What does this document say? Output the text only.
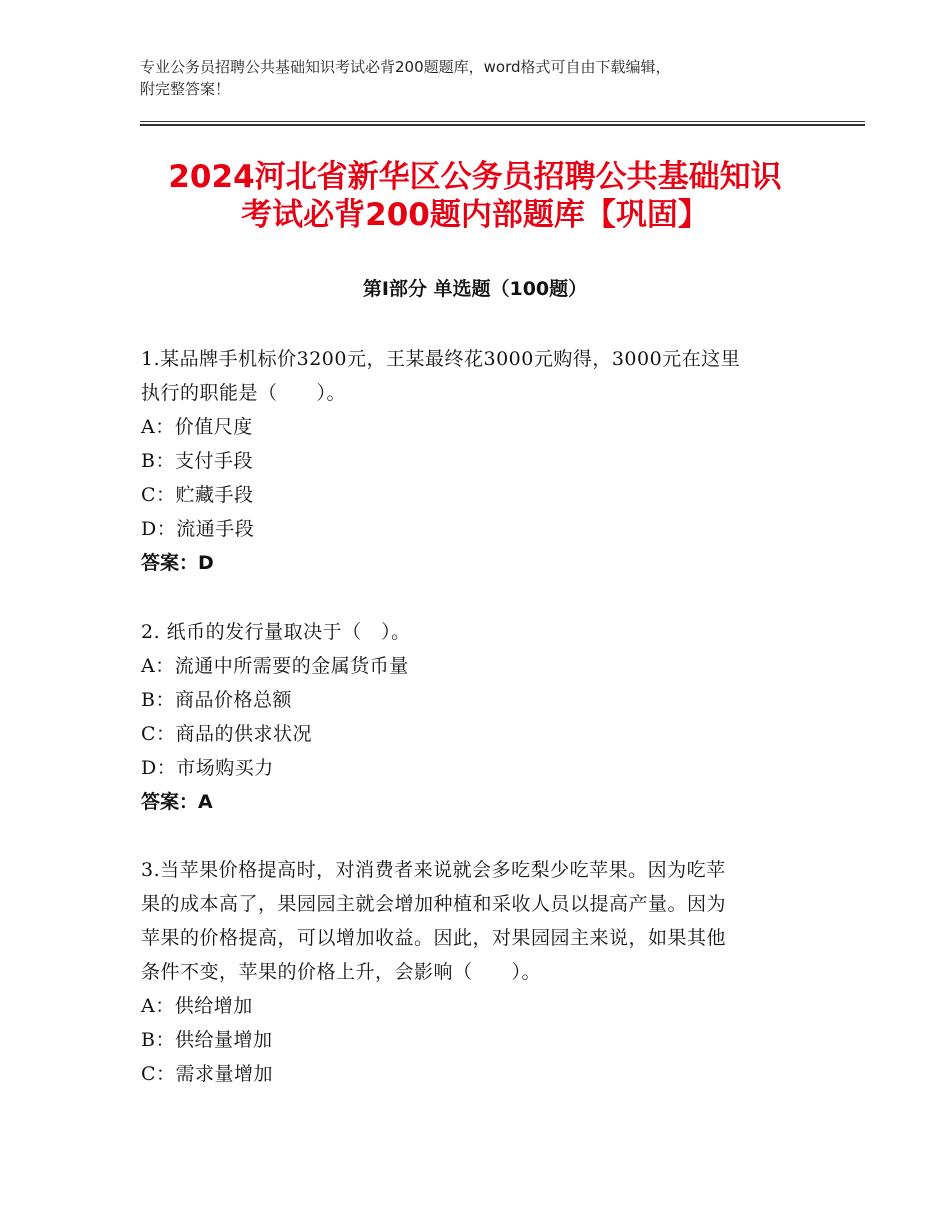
专业公务员招聘公共基础知识考试必背200题题库，word格式可自由下载编辑，
附完整答案！
2024河北省新华区公务员招聘公共基础知识
考试必背200题内部题库【巩固】
第Ⅰ部分 单选题（100题）
1.某品牌手机标价3200元，王某最终花3000元购得，3000元在这里
执行的职能是（　　）。
A：价值尺度
B：支付手段
C：贮藏手段
D：流通手段
答案：D
2. 纸币的发行量取决于（　）。
A：流通中所需要的金属货币量
B：商品价格总额
C：商品的供求状况
D：市场购买力
答案：A
3.当苹果价格提高时，对消费者来说就会多吃梨少吃苹果。因为吃苹
果的成本高了，果园园主就会增加种植和采收人员以提高产量。因为
苹果的价格提高，可以增加收益。因此，对果园园主来说，如果其他
条件不变，苹果的价格上升，会影响（　　）。
A：供给增加
B：供给量增加
C：需求量增加
